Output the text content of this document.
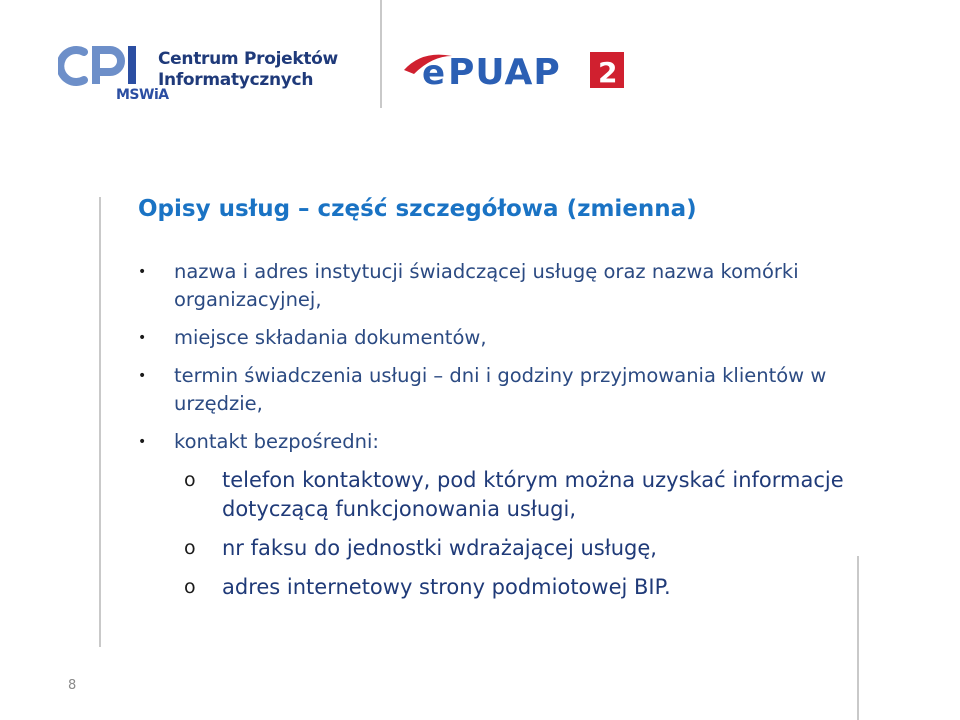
Centrum Projektów
Informatycznych
MSWiA
e PUAP 2
Opisy usług – część szczegółowa (zmienna)
• nazwa i adres instytucji świadczącej usługę oraz nazwa komórki organizacyjnej,
• miejsce składania dokumentów,
• termin świadczenia usługi – dni i godziny przyjmowania klientów w urzędzie,
• kontakt bezpośredni:
o telefon kontaktowy, pod którym można uzyskać informacje dotyczącą funkcjonowania usługi,
o nr faksu do jednostki wdrażającej usługę,
o adres internetowy strony podmiotowej BIP.
8
